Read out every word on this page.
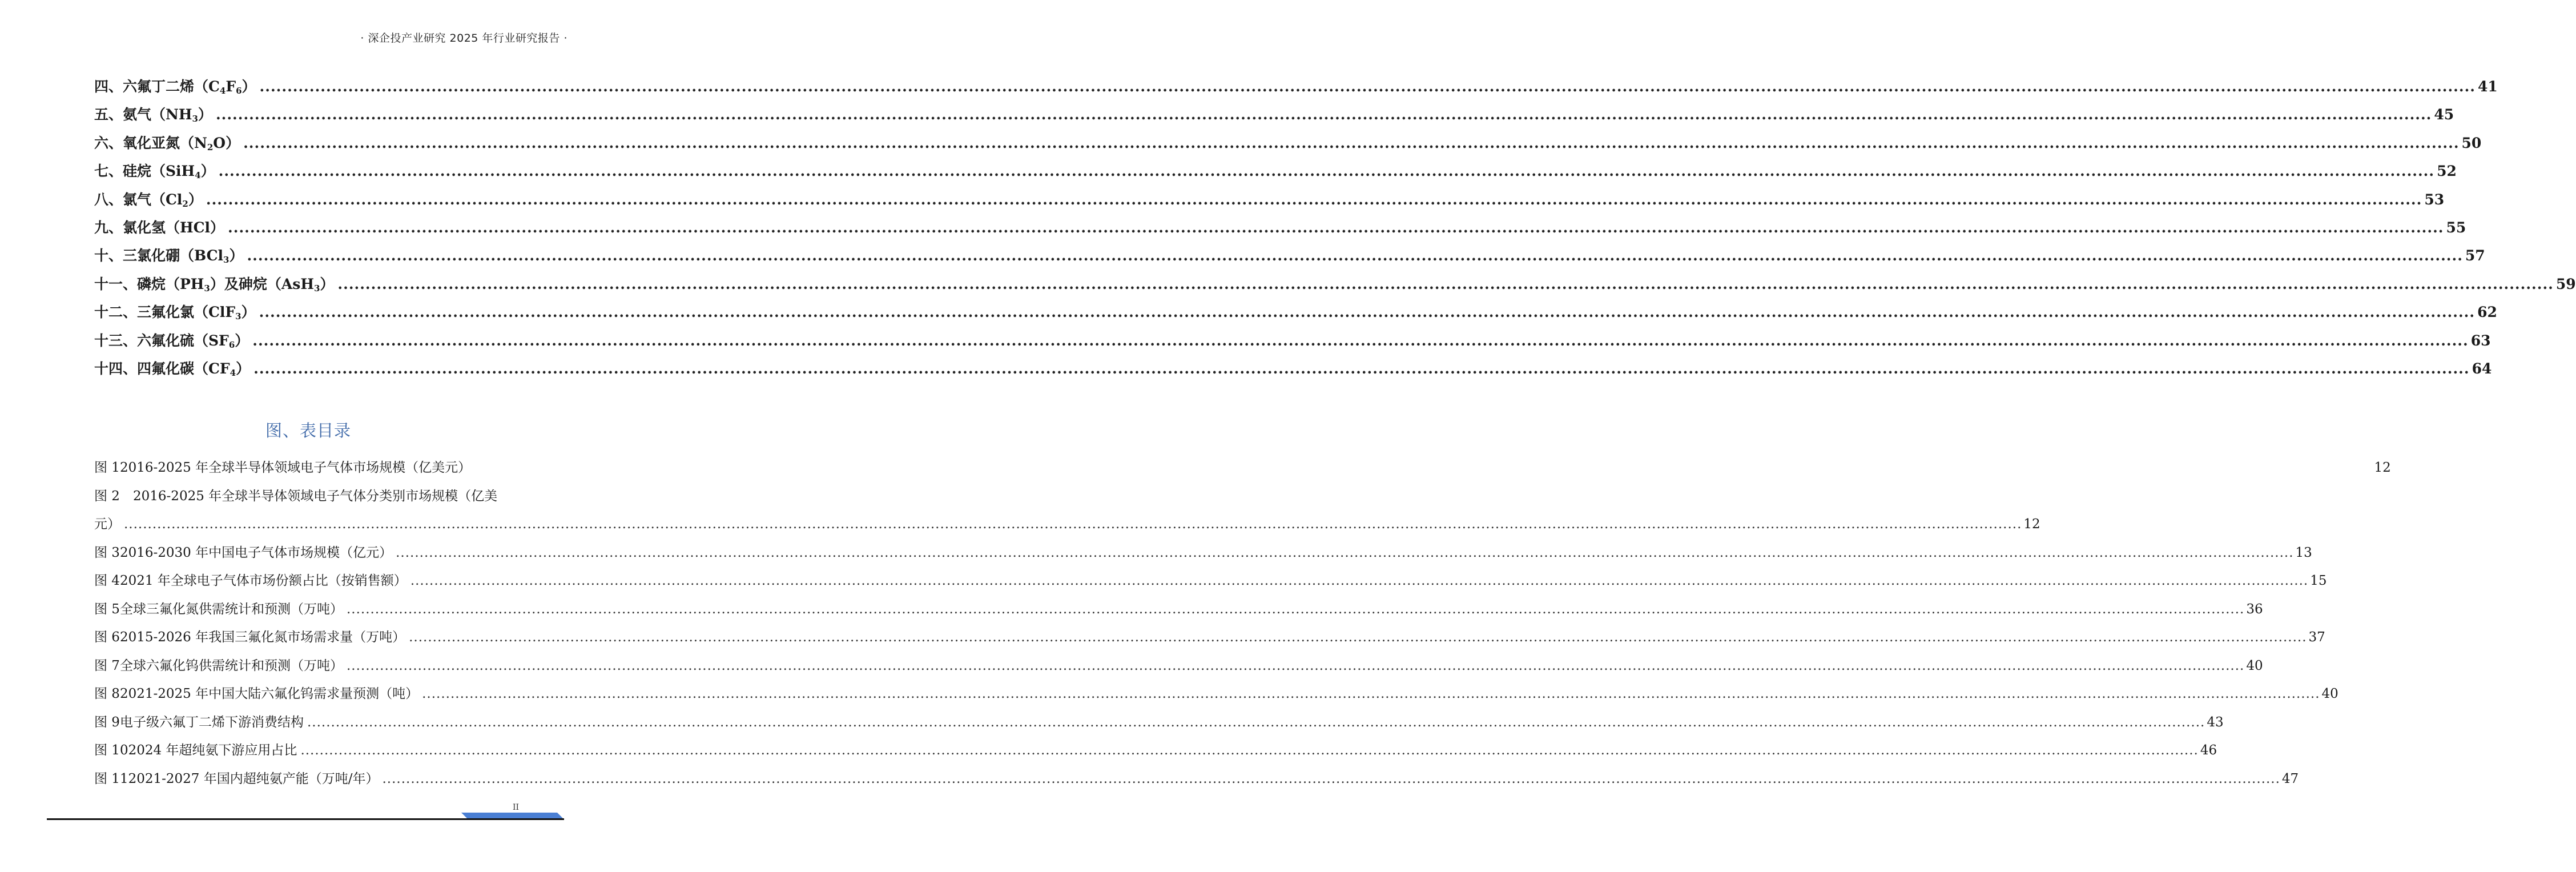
· 深企投产业研究 2025 年行业研究报告 ·
四、六氟丁二烯$(C_4F_6)$ ................................................................................................................................................................................................................................................................................................................................................................................................................ 41
五、氨气$(NH_3)$ ................................................................................................................................................................................................................................................................................................................................................................................................................ 45
六、氧化亚氮$(N_2O)$ ................................................................................................................................................................................................................................................................................................................................................................................................................ 50
七、硅烷（SiH$_4$） ................................................................................................................................................................................................................................................................................................................................................................................................................ 52
八、氯气$(Cl_2)$ ................................................................................................................................................................................................................................................................................................................................................................................................................ 53
九、氯化氢（HCl） ................................................................................................................................................................................................................................................................................................................................................................................................................ 55
十、三氯化硼（BCl$_3$） ................................................................................................................................................................................................................................................................................................................................................................................................................ 57
十一、磷烷$(PH_3)$及砷烷（AsH$_3$） ................................................................................................................................................................................................................................................................................................................................................................................................................ 59
十二、三氟化氯（ClF$_3$） ................................................................................................................................................................................................................................................................................................................................................................................................................ 62
十三、六氟化硫$(SF_6)$ ................................................................................................................................................................................................................................................................................................................................................................................................................ 63
十四、四氟化碳$(CF_4)$ ................................................................................................................................................................................................................................................................................................................................................................................................................ 64
图、表目录
图 1 2016-2025 年全球半导体领域电子气体市场规模（亿美元）	12
图 2	2016-2025 年全球半导体领域电子气体分类别市场规模（亿美
元） ................................................................................................................................................................................................................................................................................................................................................................................................................ 12
图 3 2016-2030 年中国电子气体市场规模（亿元） ................................................................................................................................................................................................................................................................................................................................................................................................................ 13
图 4 2021 年全球电子气体市场份额占比（按销售额） ................................................................................................................................................................................................................................................................................................................................................................................................................ 15
图 5 全球三氟化氮供需统计和预测（万吨） ................................................................................................................................................................................................................................................................................................................................................................................................................ 36
图 6 2015-2026 年我国三氟化氮市场需求量（万吨） ................................................................................................................................................................................................................................................................................................................................................................................................................ 37
图 7 全球六氟化钨供需统计和预测（万吨） ................................................................................................................................................................................................................................................................................................................................................................................................................ 40
图 8 2021-2025 年中国大陆六氟化钨需求量预测（吨） ................................................................................................................................................................................................................................................................................................................................................................................................................ 40
图 9 电子级六氟丁二烯下游消费结构 ................................................................................................................................................................................................................................................................................................................................................................................................................ 43
图 10 2024 年超纯氨下游应用占比 ................................................................................................................................................................................................................................................................................................................................................................................................................ 46
图 11 2021-2027 年国内超纯氨产能（万吨/年） ................................................................................................................................................................................................................................................................................................................................................................................................................ 47
II
